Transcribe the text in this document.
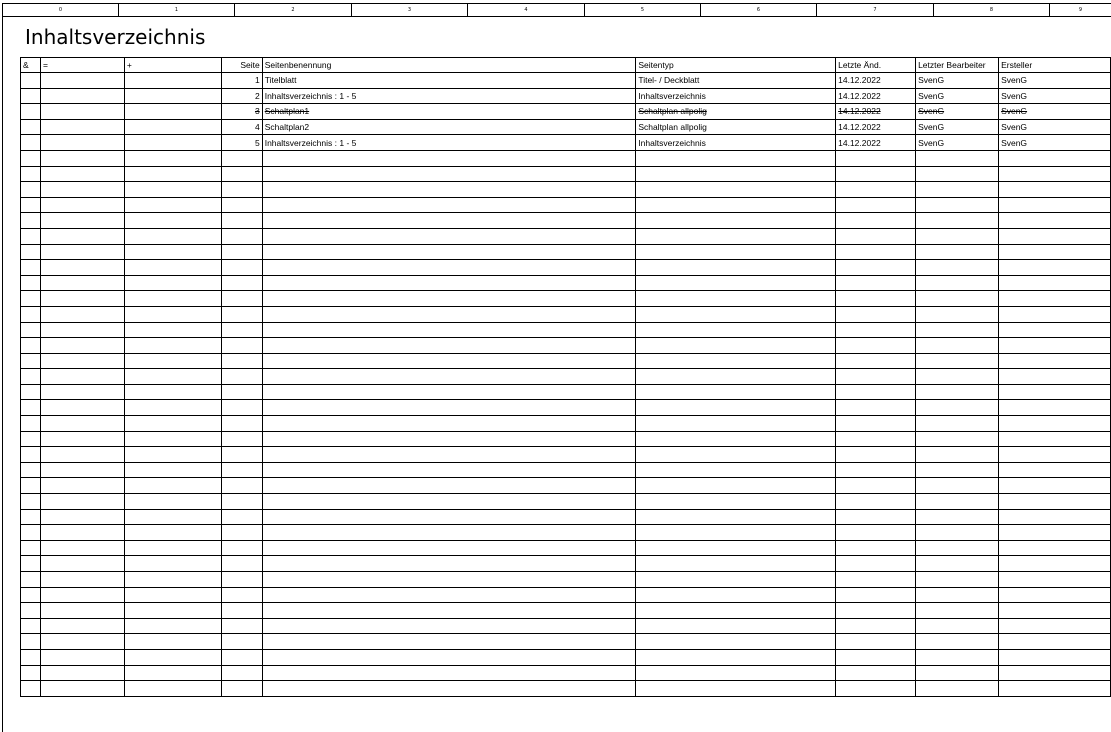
0	1	2	3	4	5	6	7	8	9
Inhaltsverzeichnis
&	=	+	Seite	Seitenbenennung	Seitentyp	Letzte Änd.	Letzter Bearbeiter	Ersteller
			1	Titelblatt	Titel- / Deckblatt	14.12.2022	SvenG	SvenG
			2	Inhaltsverzeichnis : 1 - 5	Inhaltsverzeichnis	14.12.2022	SvenG	SvenG
			3	Schaltplan1	Schaltplan allpolig	14.12.2022	SvenG	SvenG
			4	Schaltplan2	Schaltplan allpolig	14.12.2022	SvenG	SvenG
			5	Inhaltsverzeichnis : 1 - 5	Inhaltsverzeichnis	14.12.2022	SvenG	SvenG
